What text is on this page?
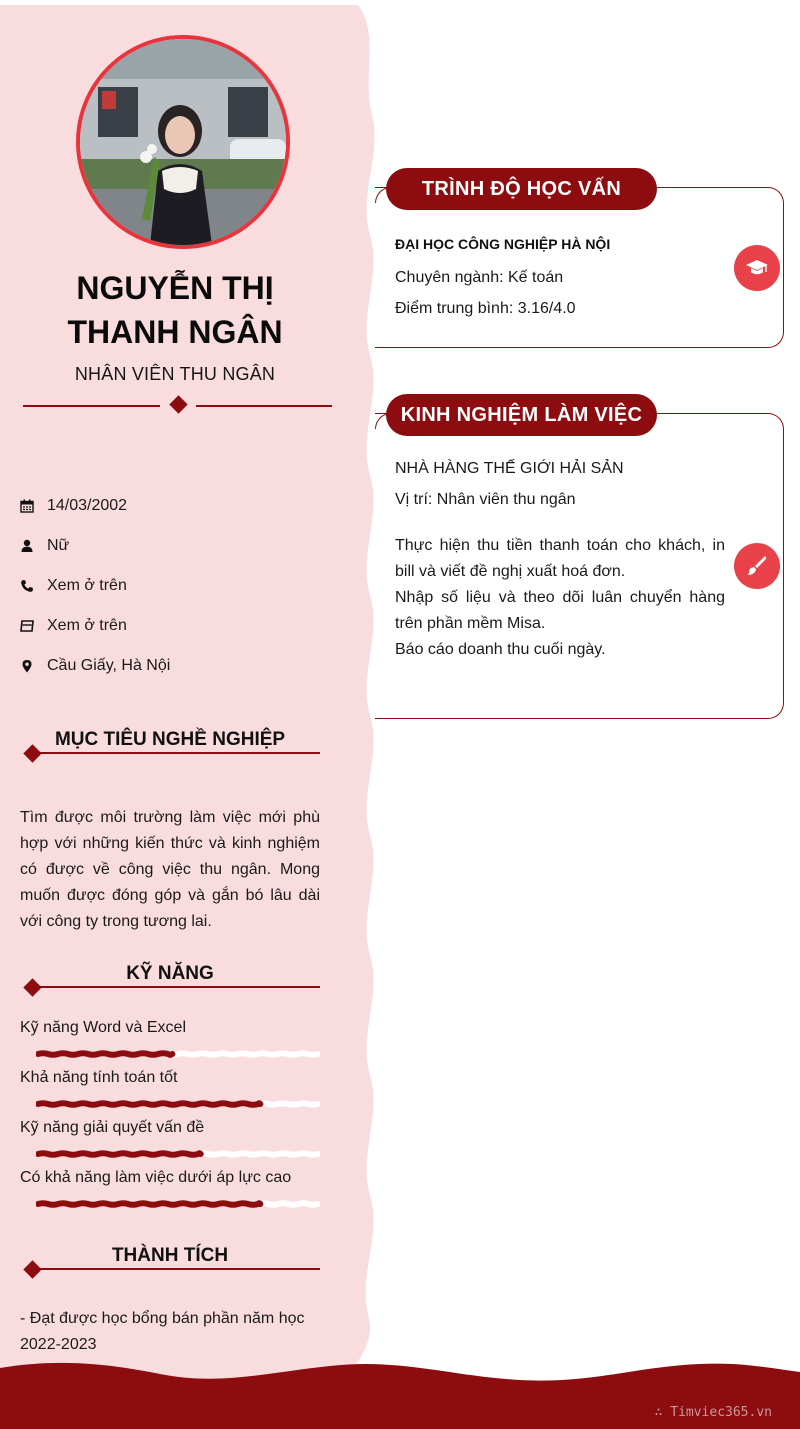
NGUYỄN THỊ
THANH NGÂN
NHÂN VIÊN THU NGÂN
14/03/2002
Nữ
Xem ở trên
Xem ở trên
Cầu Giấy, Hà Nội
MỤC TIÊU NGHỀ NGHIỆP
Tìm được môi trường làm việc mới phù hợp với những kiến thức và kinh nghiệm có được về công việc thu ngân. Mong muốn được đóng góp và gắn bó lâu dài với công ty trong tương lai.
KỸ NĂNG
Kỹ năng Word và Excel
Khả năng tính toán tốt
Kỹ năng giải quyết vấn đề
Có khả năng làm việc dưới áp lực cao
THÀNH TÍCH
- Đạt được học bổng bán phần năm học 2022-2023
TRÌNH ĐỘ HỌC VẤN
ĐẠI HỌC CÔNG NGHIỆP HÀ NỘI
Chuyên ngành: Kế toán
Điểm trung bình: 3.16/4.0
KINH NGHIỆM LÀM VIỆC
NHÀ HÀNG THẾ GIỚI HẢI SẢN
Vị trí: Nhân viên thu ngân

Thực hiện thu tiền thanh toán cho khách, in bill và viết đề nghị xuất hoá đơn.

Nhập số liệu và theo dõi luân chuyển hàng trên phần mềm Misa.

Báo cáo doanh thu cuối ngày.

∴ Timviec365.vn
